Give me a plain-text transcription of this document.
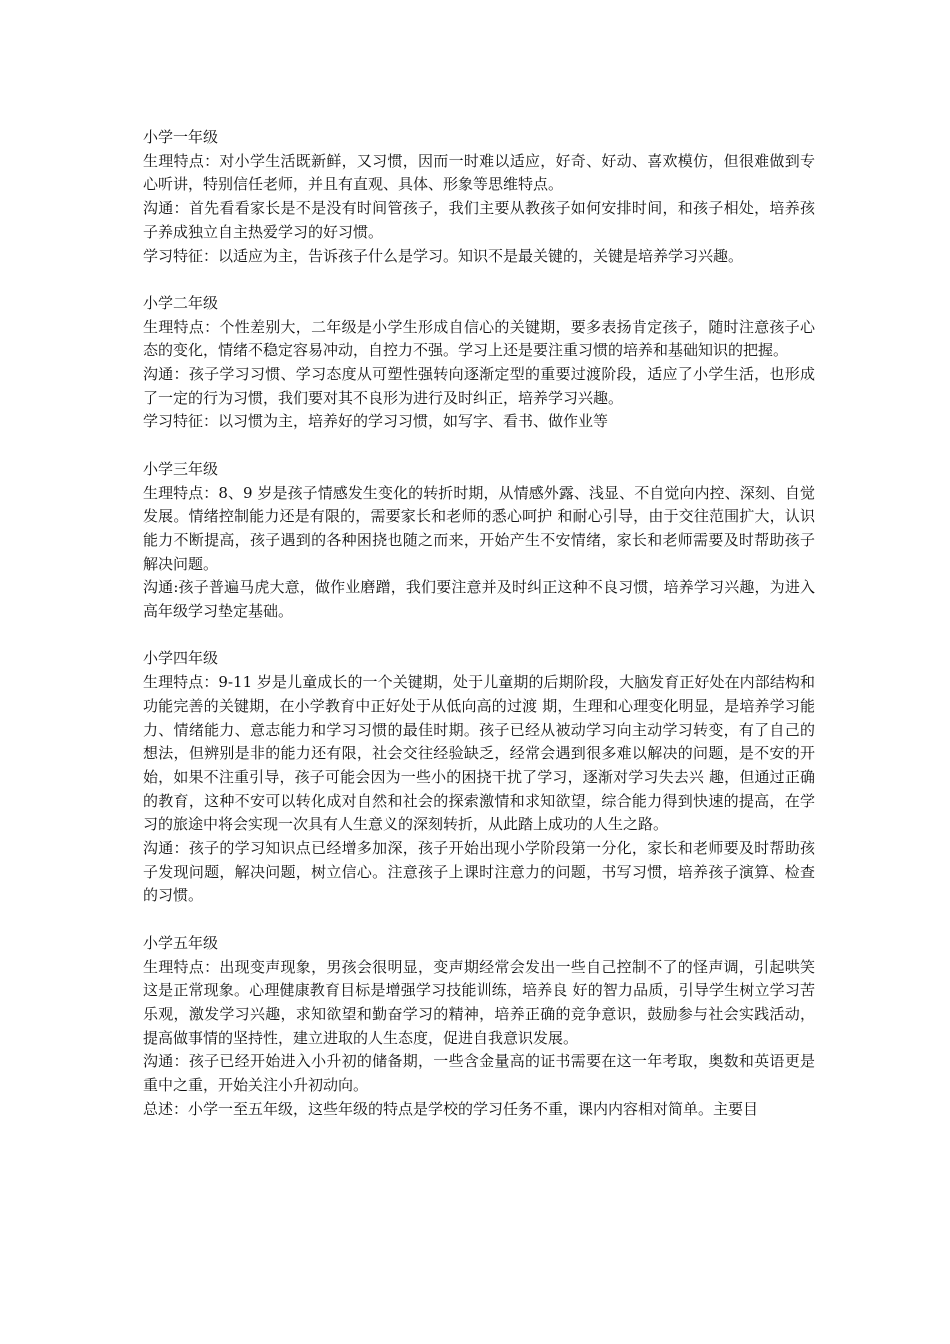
小学一年级

生理特点：对小学生活既新鲜，又习惯，因而一时难以适应，好奇、好动、喜欢模仿，但很难做到专心听讲，特别信任老师，并且有直观、具体、形象等思维特点。

沟通：首先看看家长是不是没有时间管孩子，我们主要从教孩子如何安排时间，和孩子相处，培养孩子养成独立自主热爱学习的好习惯。

学习特征：以适应为主，告诉孩子什么是学习。知识不是最关键的，关键是培养学习兴趣。

小学二年级

生理特点：个性差别大，二年级是小学生形成自信心的关键期，要多表扬肯定孩子，随时注意孩子心态的变化，情绪不稳定容易冲动，自控力不强。学习上还是要注重习惯的培养和基础知识的把握。

沟通：孩子学习习惯、学习态度从可塑性强转向逐渐定型的重要过渡阶段，适应了小学生活，也形成了一定的行为习惯，我们要对其不良形为进行及时纠正，培养学习兴趣。

学习特征：以习惯为主，培养好的学习习惯，如写字、看书、做作业等

小学三年级

生理特点：8、9 岁是孩子情感发生变化的转折时期，从情感外露、浅显、不自觉向内控、深刻、自觉发展。情绪控制能力还是有限的，需要家长和老师的悉心呵护 和耐心引导，由于交往范围扩大，认识能力不断提高，孩子遇到的各种困挠也随之而来，开始产生不安情绪，家长和老师需要及时帮助孩子解决问题。

沟通:孩子普遍马虎大意，做作业磨蹭，我们要注意并及时纠正这种不良习惯，培养学习兴趣，为进入高年级学习垫定基础。

小学四年级

生理特点：9-11 岁是儿童成长的一个关键期，处于儿童期的后期阶段，大脑发育正好处在内部结构和功能完善的关键期，在小学教育中正好处于从低向高的过渡 期，生理和心理变化明显，是培养学习能力、情绪能力、意志能力和学习习惯的最佳时期。孩子已经从被动学习向主动学习转变，有了自己的想法，但辨别是非的能力还有限，社会交往经验缺乏，经常会遇到很多难以解决的问题，是不安的开始，如果不注重引导，孩子可能会因为一些小的困挠干扰了学习，逐渐对学习失去兴 趣，但通过正确的教育，这种不安可以转化成对自然和社会的探索激情和求知欲望，综合能力得到快速的提高，在学习的旅途中将会实现一次具有人生意义的深刻转折，从此踏上成功的人生之路。

沟通：孩子的学习知识点已经增多加深，孩子开始出现小学阶段第一分化，家长和老师要及时帮助孩子发现问题，解决问题，树立信心。注意孩子上课时注意力的问题，书写习惯，培养孩子演算、检查的习惯。

小学五年级

生理特点：出现变声现象，男孩会很明显，变声期经常会发出一些自己控制不了的怪声调，引起哄笑这是正常现象。心理健康教育目标是增强学习技能训练，培养良 好的智力品质，引导学生树立学习苦乐观，激发学习兴趣，求知欲望和勤奋学习的精神，培养正确的竞争意识，鼓励参与社会实践活动，提高做事情的坚持性，建立进取的人生态度，促进自我意识发展。

沟通：孩子已经开始进入小升初的储备期，一些含金量高的证书需要在这一年考取，奥数和英语更是重中之重，开始关注小升初动向。

总述：小学一至五年级，这些年级的特点是学校的学习任务不重，课内内容相对简单。主要目
